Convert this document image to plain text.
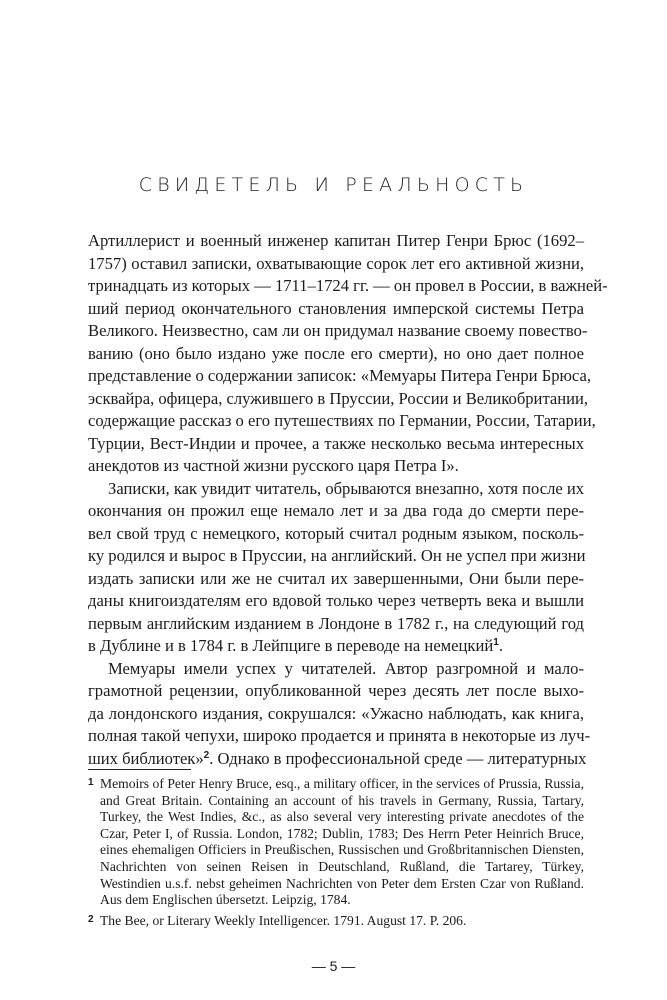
СВИДЕТЕЛЬ И РЕАЛЬНОСТЬ
Артиллерист и военный инженер капитан Питер Генри Брюс (1692–
1757) оставил записки, охватывающие сорок лет его активной жизни,
тринадцать из которых — 1711–1724 гг. — он провел в России, в важней-
ший период окончательного становления имперской системы Петра
Великого. Неизвестно, сам ли он придумал название своему повество-
ванию (оно было издано уже после его смерти), но оно дает полное
представление о содержании записок: «Мемуары Питера Генри Брюса,
эсквайра, офицера, служившего в Пруссии, России и Великобритании,
содержащие рассказ о его путешествиях по Германии, России, Татарии,
Турции, Вест-Индии и прочее, а также несколько весьма интересных
анекдотов из частной жизни русского царя Петра I».
Записки, как увидит читатель, обрываются внезапно, хотя после их
окончания он прожил еще немало лет и за два года до смерти пере-
вел свой труд с немецкого, который считал родным языком, посколь-
ку родился и вырос в Пруссии, на английский. Он не успел при жизни
издать записки или же не считал их завершенными, Они были пере-
даны книгоиздателям его вдовой только через четверть века и вышли
первым английским изданием в Лондоне в 1782 г., на следующий год
в Дублине и в 1784 г. в Лейпциге в переводе на немецкий$^1$.
Мемуары имели успех у читателей. Автор разгромной и мало-
грамотной рецензии, опубликованной через десять лет после выхо-
да лондонского издания, сокрушался: «Ужасно наблюдать, как книга,
полная такой чепухи, широко продается и принята в некоторые из луч-
ших библиотек»$^2$. Однако в профессиональной среде — литературных
1 Memoirs of Peter Henry Bruce, esq., a military officer, in the services of Prussia, Russia, and Great Britain. Containing an account of his travels in Germany, Russia, Tartary, Turkey, the West Indies, &c., as also several very interesting private anecdotes of the Czar, Peter I, of Russia. London, 1782; Dublin, 1783; Des Herrn Peter Heinrich Bruce, eines ehemaligen Officiers in Preußischen, Russischen und Großbritannischen Diensten, Nachrichten von seinen Reisen in Deutschland, Rußland, die Tartarey, Türkey, Westindien u.s.f. nebst geheimen Nachrichten von Peter dem Ersten Czar von Rußland. Aus dem Englischen úbersetzt. Leipzig, 1784.
2 The Bee, or Literary Weekly Intelligencer. 1791. August 17. P. 206.
— 5 —
